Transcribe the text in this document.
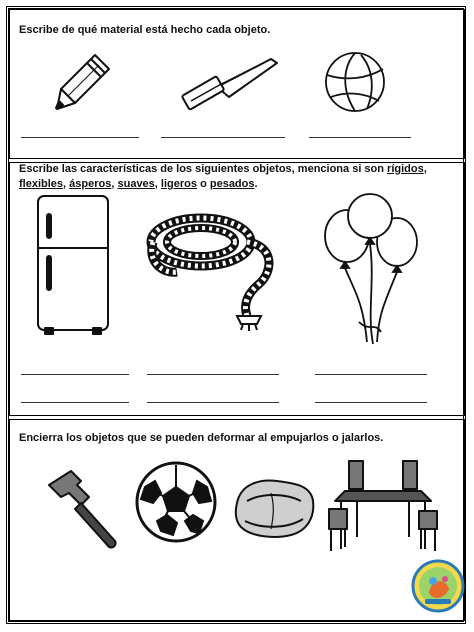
Escribe de qué material está hecho cada objeto.
Escribe las características de los siguientes objetos, menciona si son rígidos, flexibles, ásperos, suaves, ligeros o pesados.
Encierra los objetos que se pueden deformar al empujarlos o jalarlos.
